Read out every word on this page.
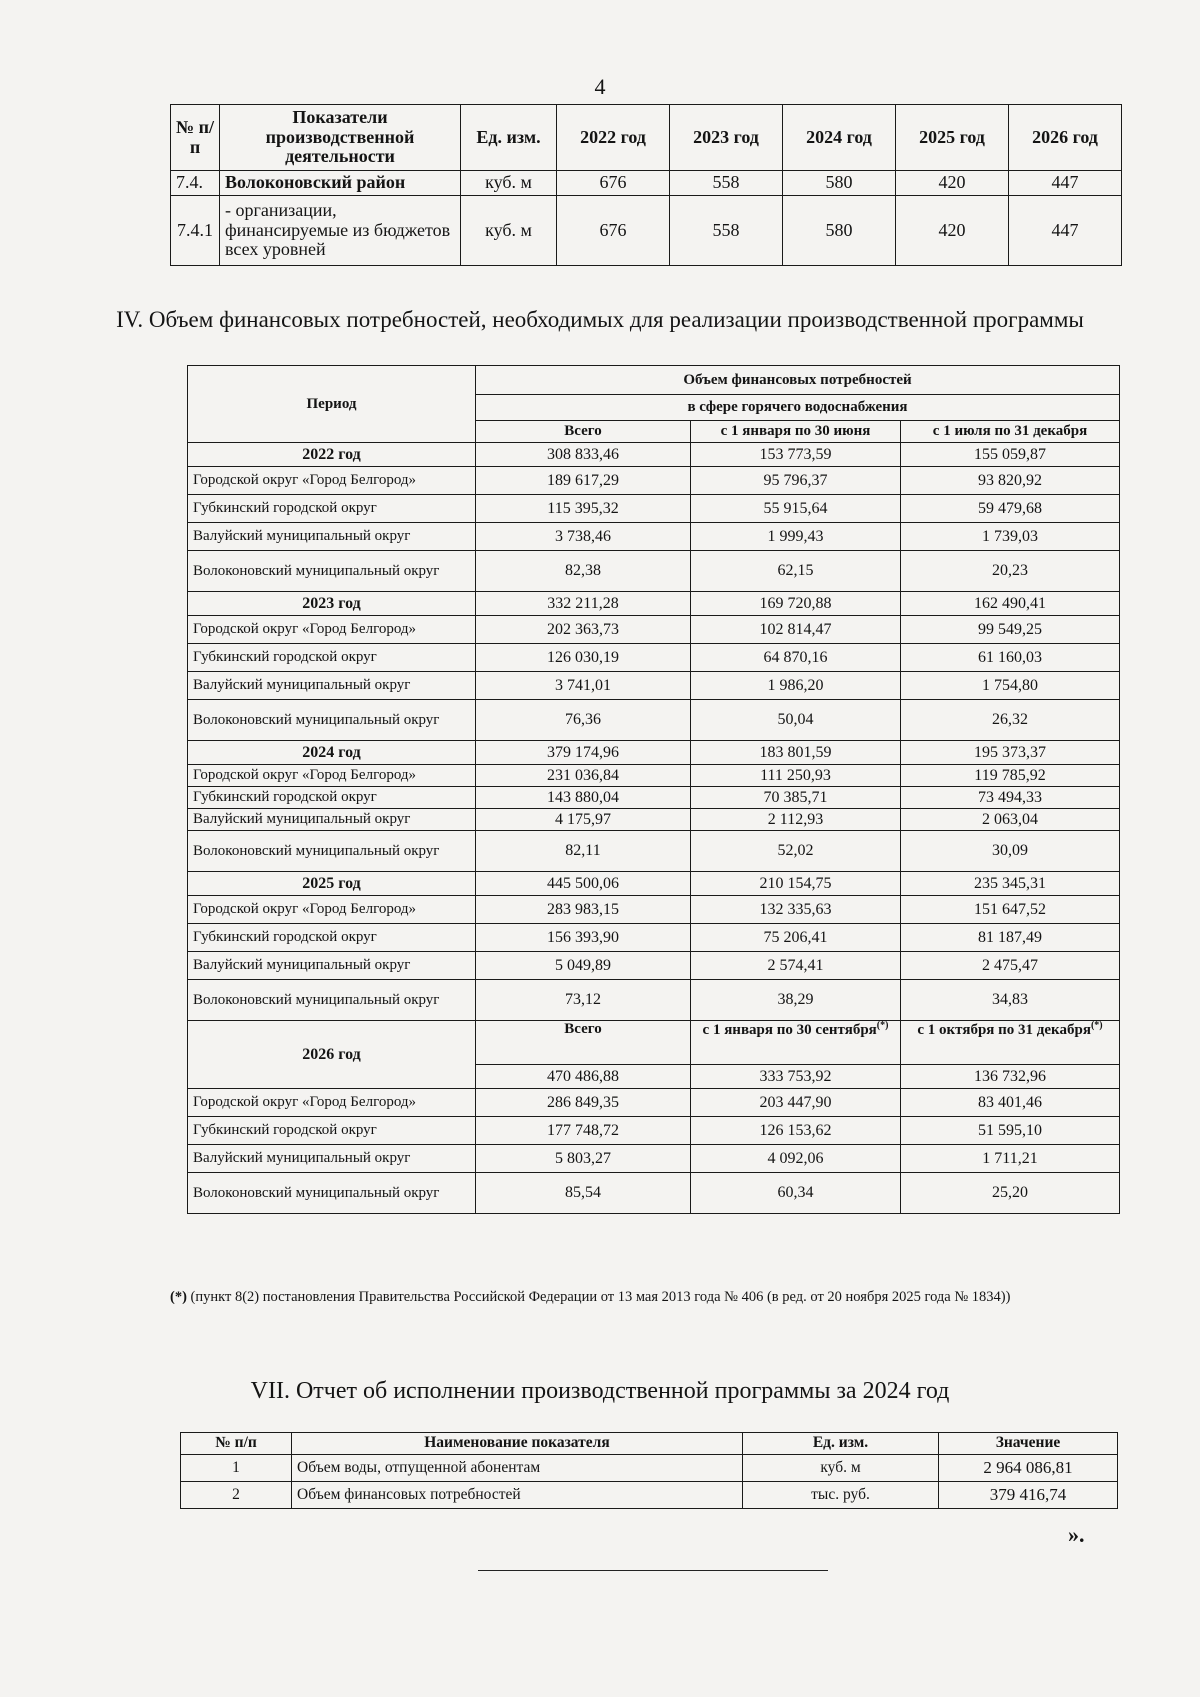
4
№ п/п	Показатели производственной деятельности	Ед. изм.	2022 год	2023 год	2024 год	2025 год	2026 год
7.4.	Волоконовский район	куб. м	676	558	580	420	447
7.4.1	- организации, финансируемые из бюджетов всех уровней	куб. м	676	558	580	420	447
IV. Объем финансовых потребностей, необходимых для реализации производственной программы
Период	Объем финансовых потребностей		
	в сфере горячего водоснабжения		
	Всего	с 1 января по 30 июня	с 1 июля по 31 декабря
2022 год	308 833,46	153 773,59	155 059,87
Городской округ «Город Белгород»	189 617,29	95 796,37	93 820,92
Губкинский городской округ	115 395,32	55 915,64	59 479,68
Валуйский муниципальный округ	3 738,46	1 999,43	1 739,03
Волоконовский муниципальный округ	82,38	62,15	20,23
2023 год	332 211,28	169 720,88	162 490,41
Городской округ «Город Белгород»	202 363,73	102 814,47	99 549,25
Губкинский городской округ	126 030,19	64 870,16	61 160,03
Валуйский муниципальный округ	3 741,01	1 986,20	1 754,80
Волоконовский муниципальный округ	76,36	50,04	26,32
2024 год	379 174,96	183 801,59	195 373,37
Городской округ «Город Белгород»	231 036,84	111 250,93	119 785,92
Губкинский городской округ	143 880,04	70 385,71	73 494,33
Валуйский муниципальный округ	4 175,97	2 112,93	2 063,04
Волоконовский муниципальный округ	82,11	52,02	30,09
2025 год	445 500,06	210 154,75	235 345,31
Городской округ «Город Белгород»	283 983,15	132 335,63	151 647,52
Губкинский городской округ	156 393,90	75 206,41	81 187,49
Валуйский муниципальный округ	5 049,89	2 574,41	2 475,47
Волоконовский муниципальный округ	73,12	38,29	34,83
2026 год	Всего	с 1 января по 30 сентября(*)	с 1 октября по 31 декабря(*)
	470 486,88	333 753,92	136 732,96
Городской округ «Город Белгород»	286 849,35	203 447,90	83 401,46
Губкинский городской округ	177 748,72	126 153,62	51 595,10
Валуйский муниципальный округ	5 803,27	4 092,06	1 711,21
Волоконовский муниципальный округ	85,54	60,34	25,20
(*) (пункт 8(2) постановления Правительства Российской Федерации от 13 мая 2013 года № 406 (в ред. от 20 ноября 2025 года № 1834))
VII. Отчет об исполнении производственной программы за 2024 год
№ п/п	Наименование показателя	Ед. изм.	Значение
1	Объем воды, отпущенной абонентам	куб. м	2 964 086,81
2	Объем финансовых потребностей	тыс. руб.	379 416,74
».
